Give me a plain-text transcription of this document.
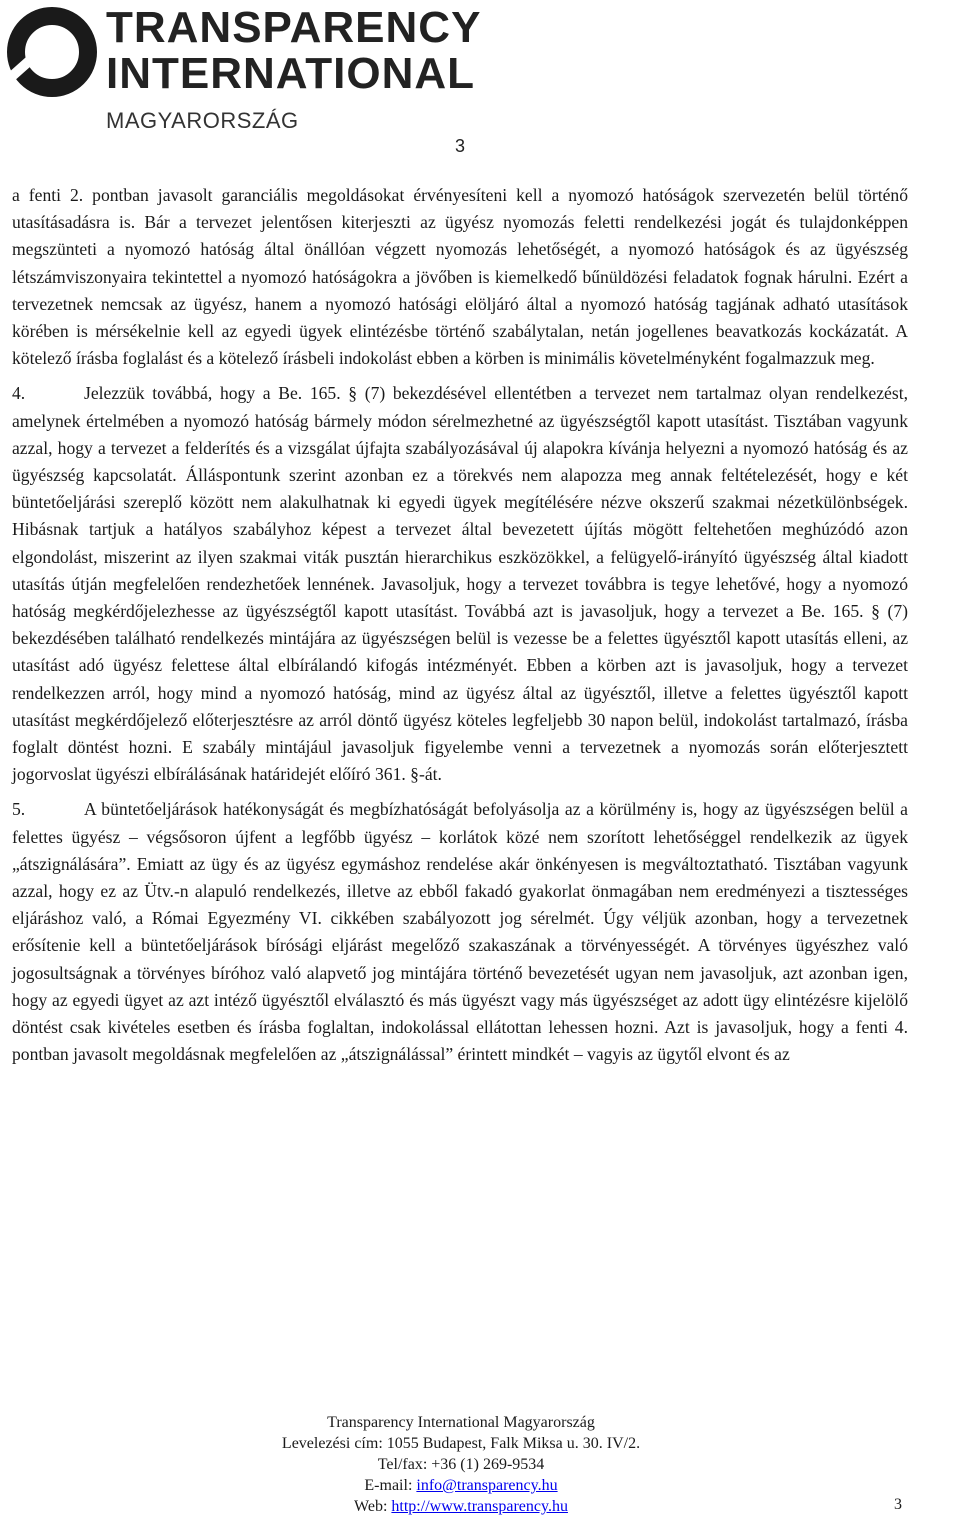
TRANSPARENCY
INTERNATIONAL
MAGYARORSZÁG
3

a fenti 2. pontban javasolt garanciális megoldásokat érvényesíteni kell a nyomozó hatóságok szervezetén belül történő utasításadásra is. Bár a tervezet jelentősen kiterjeszti az ügyész nyomozás feletti rendelkezési jogát és tulajdonképpen megszünteti a nyomozó hatóság által önállóan végzett nyomozás lehetőségét, a nyomozó hatóságok és az ügyészség létszámviszonyaira tekintettel a nyomozó hatóságokra a jövőben is kiemelkedő bűnüldözési feladatok fognak hárulni. Ezért a tervezetnek nemcsak az ügyész, hanem a nyomozó hatósági elöljáró által a nyomozó hatóság tagjának adható utasítások körében is mérsékelnie kell az egyedi ügyek elintézésbe történő szabálytalan, netán jogellenes beavatkozás kockázatát. A kötelező írásba foglalást és a kötelező írásbeli indokolást ebben a körben is minimális követelményként fogalmazzuk meg.

4.	Jelezzük továbbá, hogy a Be. 165. § (7) bekezdésével ellentétben a tervezet nem tartalmaz olyan rendelkezést, amelynek értelmében a nyomozó hatóság bármely módon sérelmezhetné az ügyészségtől kapott utasítást. Tisztában vagyunk azzal, hogy a tervezet a felderítés és a vizsgálat újfajta szabályozásával új alapokra kívánja helyezni a nyomozó hatóság és az ügyészség kapcsolatát. Álláspontunk szerint azonban ez a törekvés nem alapozza meg annak feltételezését, hogy e két büntetőeljárási szereplő között nem alakulhatnak ki egyedi ügyek megítélésére nézve okszerű szakmai nézetkülönbségek. Hibásnak tartjuk a hatályos szabályhoz képest a tervezet által bevezetett újítás mögött feltehetően meghúzódó azon elgondolást, miszerint az ilyen szakmai viták pusztán hierarchikus eszközökkel, a felügyelő-irányító ügyészség által kiadott utasítás útján megfelelően rendezhetőek lennének. Javasoljuk, hogy a tervezet továbbra is tegye lehetővé, hogy a nyomozó hatóság megkérdőjelezhesse az ügyészségtől kapott utasítást. Továbbá azt is javasoljuk, hogy a tervezet a Be. 165. § (7) bekezdésében található rendelkezés mintájára az ügyészségen belül is vezesse be a felettes ügyésztől kapott utasítás elleni, az utasítást adó ügyész felettese által elbírálandó kifogás intézményét. Ebben a körben azt is javasoljuk, hogy a tervezet rendelkezzen arról, hogy mind a nyomozó hatóság, mind az ügyész által az ügyésztől, illetve a felettes ügyésztől kapott utasítást megkérdőjelező előterjesztésre az arról döntő ügyész köteles legfeljebb 30 napon belül, indokolást tartalmazó, írásba foglalt döntést hozni. E szabály mintájául javasoljuk figyelembe venni a tervezetnek a nyomozás során előterjesztett jogorvoslat ügyészi elbírálásának határidejét előíró 361. §-át.

5.	A büntetőeljárások hatékonyságát és megbízhatóságát befolyásolja az a körülmény is, hogy az ügyészségen belül a felettes ügyész – végsősoron újfent a legfőbb ügyész – korlátok közé nem szorított lehetőséggel rendelkezik az ügyek „átszignálására”. Emiatt az ügy és az ügyész egymáshoz rendelése akár önkényesen is megváltoztatható. Tisztában vagyunk azzal, hogy ez az Ütv.-n alapuló rendelkezés, illetve az ebből fakadó gyakorlat önmagában nem eredményezi a tisztességes eljáráshoz való, a Római Egyezmény VI. cikkében szabályozott jog sérelmét. Úgy véljük azonban, hogy a tervezetnek erősítenie kell a büntetőeljárások bírósági eljárást megelőző szakaszának a törvényességét. A törvényes ügyészhez való jogosultságnak a törvényes bíróhoz való alapvető jog mintájára történő bevezetését ugyan nem javasoljuk, azt azonban igen, hogy az egyedi ügyet az azt intéző ügyésztől elválasztó és más ügyészt vagy más ügyészséget az adott ügy elintézésre kijelölő döntést csak kivételes esetben és írásba foglaltan, indokolással ellátottan lehessen hozni. Azt is javasoljuk, hogy a fenti 4. pontban javasolt megoldásnak megfelelően az „átszignálással” érintett mindkét – vagyis az ügytől elvont és az

Transparency International Magyarország
Levelezési cím: 1055 Budapest, Falk Miksa u. 30. IV/2.
Tel/fax: +36 (1) 269-9534
E-mail: info@transparency.hu
Web: http://www.transparency.hu	3
